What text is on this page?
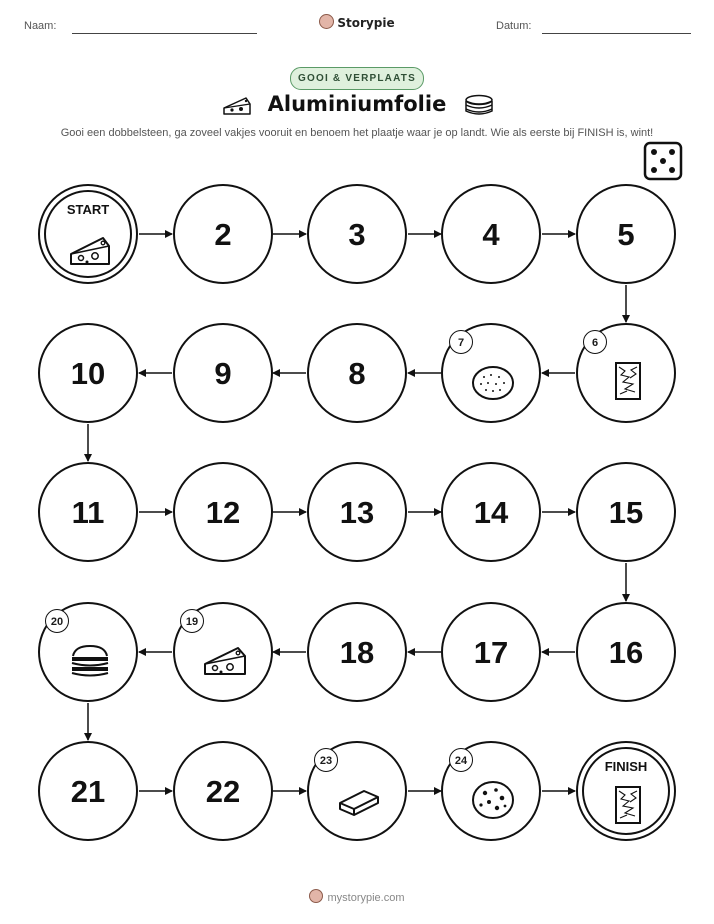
Naam:	Storypie	Datum:
GOOI & VERPLAATS
Aluminiumfolie
Gooi een dobbelsteen, ga zoveel vakjes vooruit en benoem het plaatje waar je op landt. Wie als eerste bij FINISH is, wint!
START
2	3	4	5
10	9	8
7	6
11	12	13	14	15
20	19
18	17	16
21	22
23	24	FINISH
mystorypie.com
